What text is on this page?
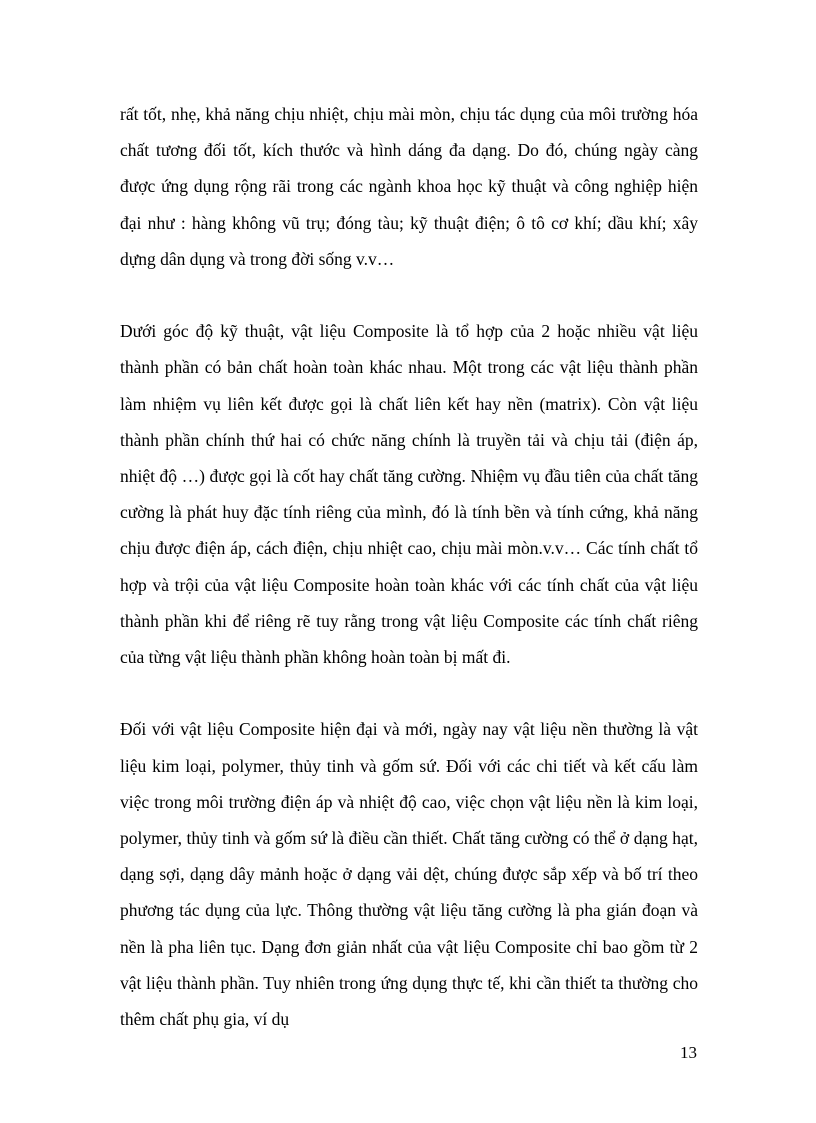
rất tốt, nhẹ, khả năng chịu nhiệt, chịu mài mòn, chịu tác dụng của môi trường hóa chất tương đối tốt, kích thước và hình dáng đa dạng. Do đó, chúng ngày càng được ứng dụng rộng rãi trong các ngành khoa học kỹ thuật và công nghiệp hiện đại như : hàng không vũ trụ; đóng tàu; kỹ thuật điện; ô tô cơ khí; dầu khí; xây dựng dân dụng và trong đời sống v.v…

Dưới góc độ kỹ thuật, vật liệu Composite là tổ hợp của 2 hoặc nhiều vật liệu thành phần có bản chất hoàn toàn khác nhau. Một trong các vật liệu thành phần làm nhiệm vụ liên kết được gọi là chất liên kết hay nền (matrix). Còn vật liệu thành phần chính thứ hai có chức năng chính là truyền tải và chịu tải (điện áp, nhiệt độ …) được gọi là cốt hay chất tăng cường. Nhiệm vụ đầu tiên của chất tăng cường là phát huy đặc tính riêng của mình, đó là tính bền và tính cứng, khả năng chịu được điện áp, cách điện, chịu nhiệt cao, chịu mài mòn.v.v… Các tính chất tổ hợp và trội của vật liệu Composite hoàn toàn khác với các tính chất của vật liệu thành phần khi để riêng rẽ tuy rằng trong vật liệu Composite các tính chất riêng của từng vật liệu thành phần không hoàn toàn bị mất đi.

Đối với vật liệu Composite hiện đại và mới, ngày nay vật liệu nền thường là vật liệu kim loại, polymer, thủy tinh và gốm sứ. Đối với các chi tiết và kết cấu làm việc trong môi trường điện áp và nhiệt độ cao, việc chọn vật liệu nền là kim loại, polymer, thủy tinh và gốm sứ là điều cần thiết. Chất tăng cường có thể ở dạng hạt, dạng sợi, dạng dây mảnh hoặc ở dạng vải dệt, chúng được sắp xếp và bố trí theo phương tác dụng của lực. Thông thường vật liệu tăng cường là pha gián đoạn và nền là pha liên tục. Dạng đơn giản nhất của vật liệu Composite chỉ bao gồm từ 2 vật liệu thành phần. Tuy nhiên trong ứng dụng thực tế, khi cần thiết ta thường cho thêm chất phụ gia, ví dụ

13
